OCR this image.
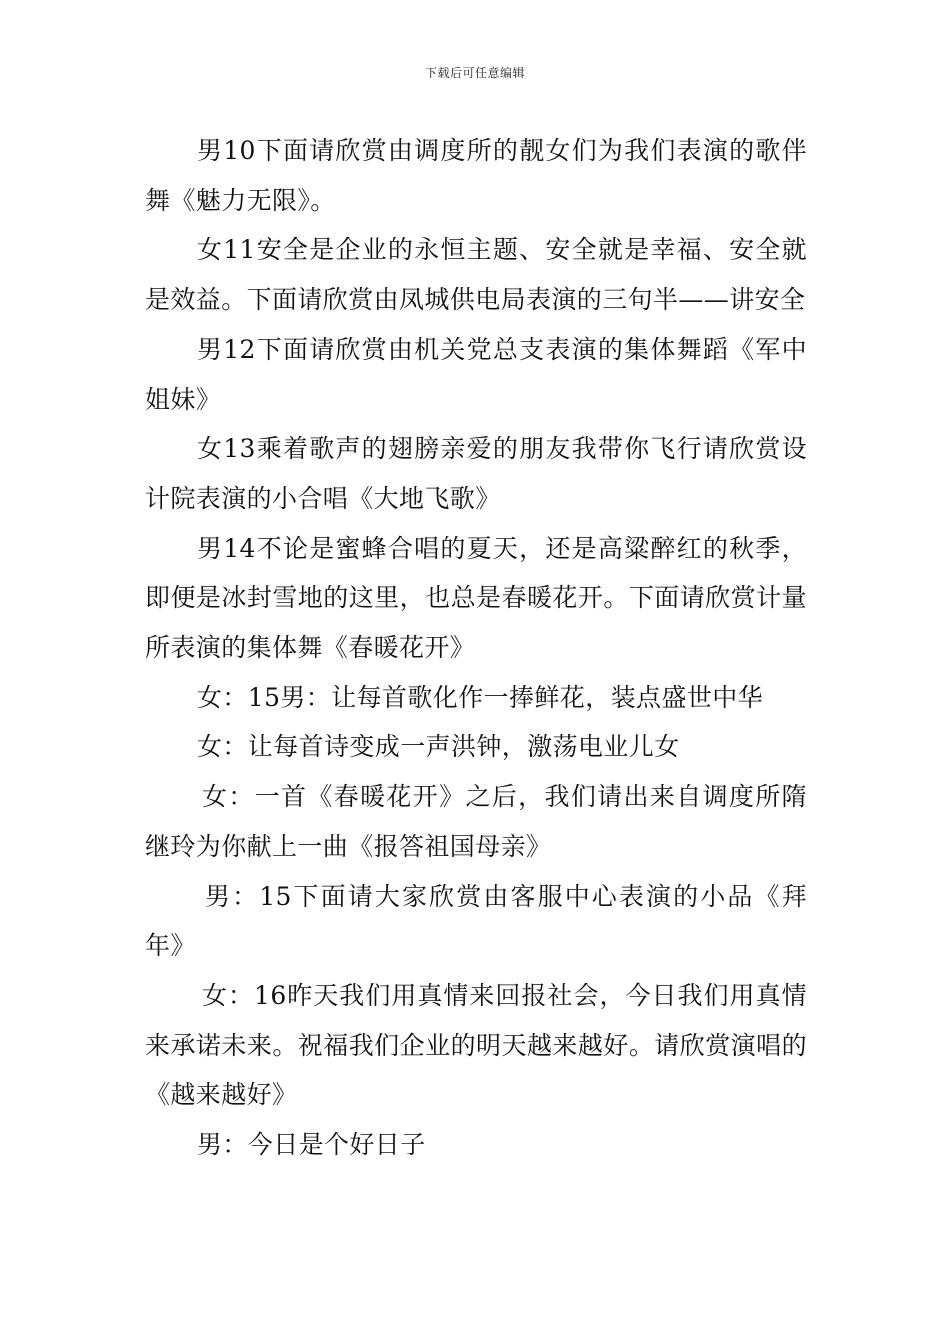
下载后可任意编辑

男10下面请欣赏由调度所的靓女们为我们表演的歌伴舞《魅力无限》。

女11安全是企业的永恒主题、安全就是幸福、安全就是效益。下面请欣赏由凤城供电局表演的三句半——讲安全

男12下面请欣赏由机关党总支表演的集体舞蹈《军中姐妹》

女13乘着歌声的翅膀亲爱的朋友我带你飞行请欣赏设计院表演的小合唱《大地飞歌》

男14不论是蜜蜂合唱的夏天，还是高粱醉红的秋季，即便是冰封雪地的这里，也总是春暖花开。下面请欣赏计量所表演的集体舞《春暖花开》

女：15男：让每首歌化作一捧鲜花，装点盛世中华

女：让每首诗变成一声洪钟，激荡电业儿女

女：一首《春暖花开》之后，我们请出来自调度所隋继玲为你献上一曲《报答祖国母亲》

男：15下面请大家欣赏由客服中心表演的小品《拜年》

女：16昨天我们用真情来回报社会，今日我们用真情来承诺未来。祝福我们企业的明天越来越好。请欣赏演唱的《越来越好》

男：今日是个好日子
